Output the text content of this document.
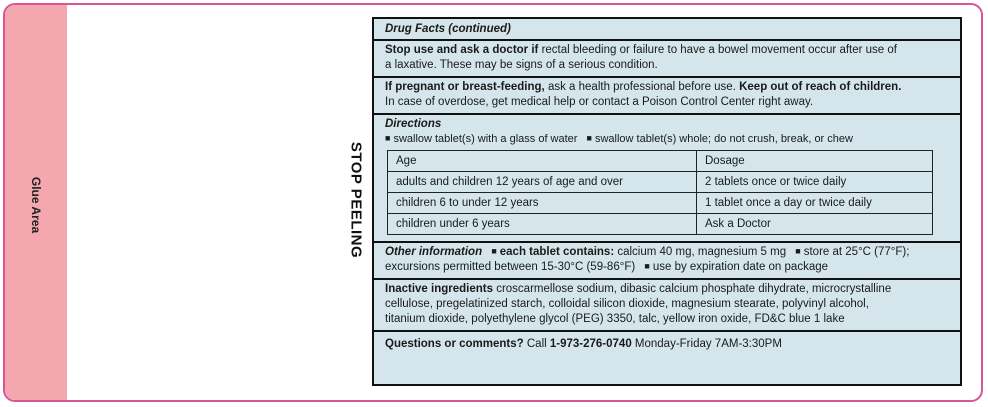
Glue Area	STOP PEELING
Drug Facts (continued)
Stop use and ask a doctor if rectal bleeding or failure to have a bowel movement occur after use of
a laxative. These may be signs of a serious condition.
If pregnant or breast-feeding, ask a health professional before use. Keep out of reach of children.
In case of overdose, get medical help or contact a Poison Control Center right away.
Directions
■ swallow tablet(s) with a glass of water ■ swallow tablet(s) whole; do not crush, break, or chew
Age	Dosage
adults and children 12 years of age and over	2 tablets once or twice daily
children 6 to under 12 years	1 tablet once a day or twice daily
children under 6 years	Ask a Doctor
Other information ■ each tablet contains: calcium 40 mg, magnesium 5 mg ■ store at 25°C (77°F);
excursions permitted between 15-30°C (59-86°F) ■ use by expiration date on package
Inactive ingredients croscarmellose sodium, dibasic calcium phosphate dihydrate, microcrystalline
cellulose, pregelatinized starch, colloidal silicon dioxide, magnesium stearate, polyvinyl alcohol,
titanium dioxide, polyethylene glycol (PEG) 3350, talc, yellow iron oxide, FD&C blue 1 lake
Questions or comments? Call 1-973-276-0740 Monday-Friday 7AM-3:30PM
